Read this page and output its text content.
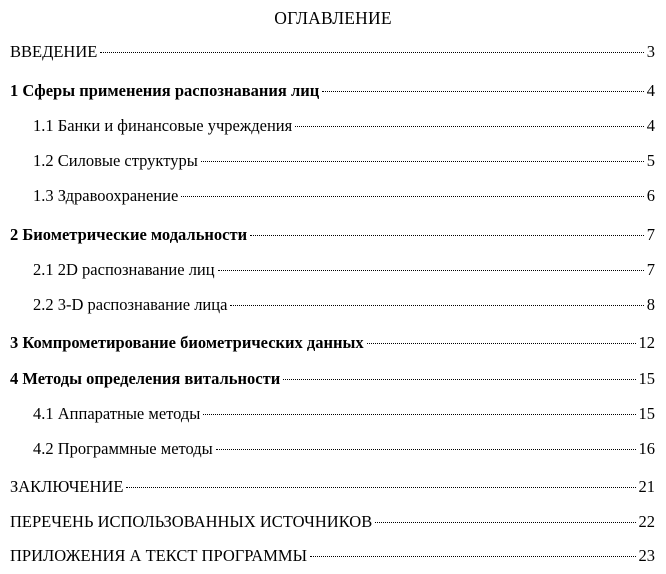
ОГЛАВЛЕНИЕ
ВВЕДЕНИЕ	3
1 Сферы применения распознавания лиц	4
1.1 Банки и финансовые учреждения	4
1.2 Силовые структуры	5
1.3 Здравоохранение	6
2 Биометрические модальности	7
2.1 2D распознавание лиц	7
2.2 3-D распознавание лица	8
3 Компрометирование биометрических данных	12
4 Методы определения витальности	15
4.1 Аппаратные методы	15
4.2 Программные методы	16
ЗАКЛЮЧЕНИЕ	21
ПЕРЕЧЕНЬ ИСПОЛЬЗОВАННЫХ ИСТОЧНИКОВ	22
ПРИЛОЖЕНИЯ А ТЕКСТ ПРОГРАММЫ	23
